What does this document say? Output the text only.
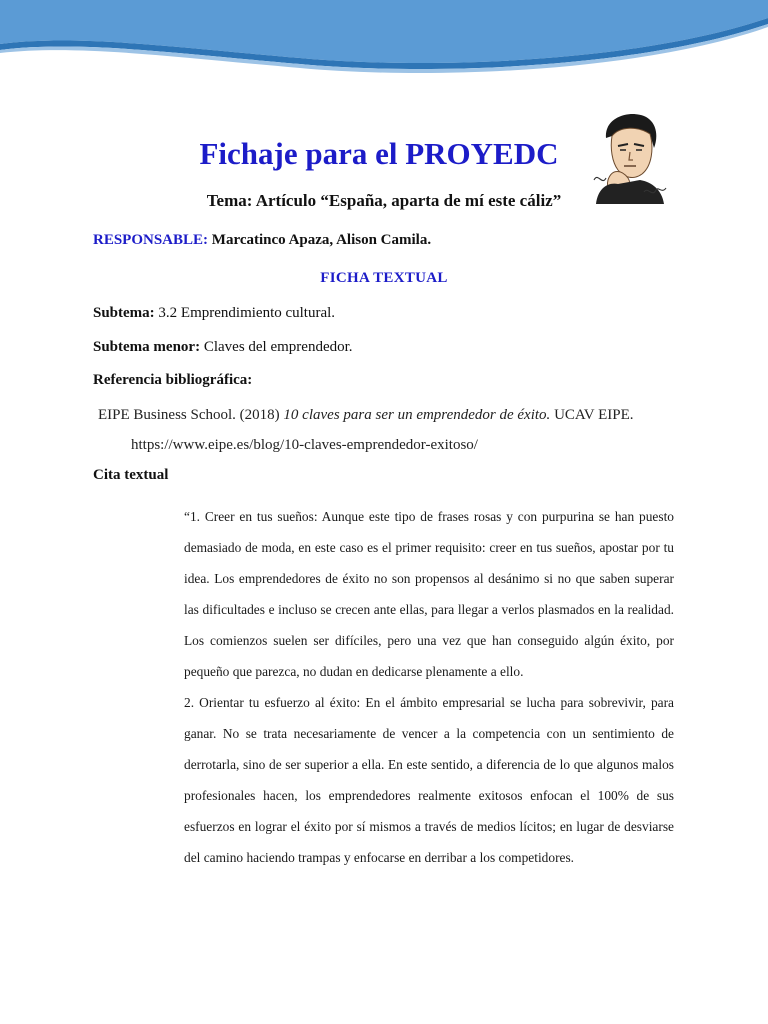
Fichaje para el PROYEDC
Tema: Artículo “España, aparta de mí este cáliz”
RESPONSABLE: Marcatinco Apaza, Alison Camila.
FICHA TEXTUAL
Subtema: 3.2 Emprendimiento cultural.
Subtema menor: Claves del emprendedor.
Referencia bibliográfica:
EIPE Business School. (2018) 10 claves para ser un emprendedor de éxito. UCAV EIPE.
https://www.eipe.es/blog/10-claves-emprendedor-exitoso/
Cita textual

“1. Creer en tus sueños: Aunque este tipo de frases rosas y con purpurina se han puesto demasiado de moda, en este caso es el primer requisito: creer en tus sueños, apostar por tu idea. Los emprendedores de éxito no son propensos al desánimo si no que saben superar las dificultades e incluso se crecen ante ellas, para llegar a verlos plasmados en la realidad. Los comienzos suelen ser difíciles, pero una vez que han conseguido algún éxito, por pequeño que parezca, no dudan en dedicarse plenamente a ello.

2. Orientar tu esfuerzo al éxito: En el ámbito empresarial se lucha para sobrevivir, para ganar. No se trata necesariamente de vencer a la competencia con un sentimiento de derrotarla, sino de ser superior a ella. En este sentido, a diferencia de lo que algunos malos profesionales hacen, los emprendedores realmente exitosos enfocan el 100% de sus esfuerzos en lograr el éxito por sí mismos a través de medios lícitos; en lugar de desviarse del camino haciendo trampas y enfocarse en derribar a los competidores.
